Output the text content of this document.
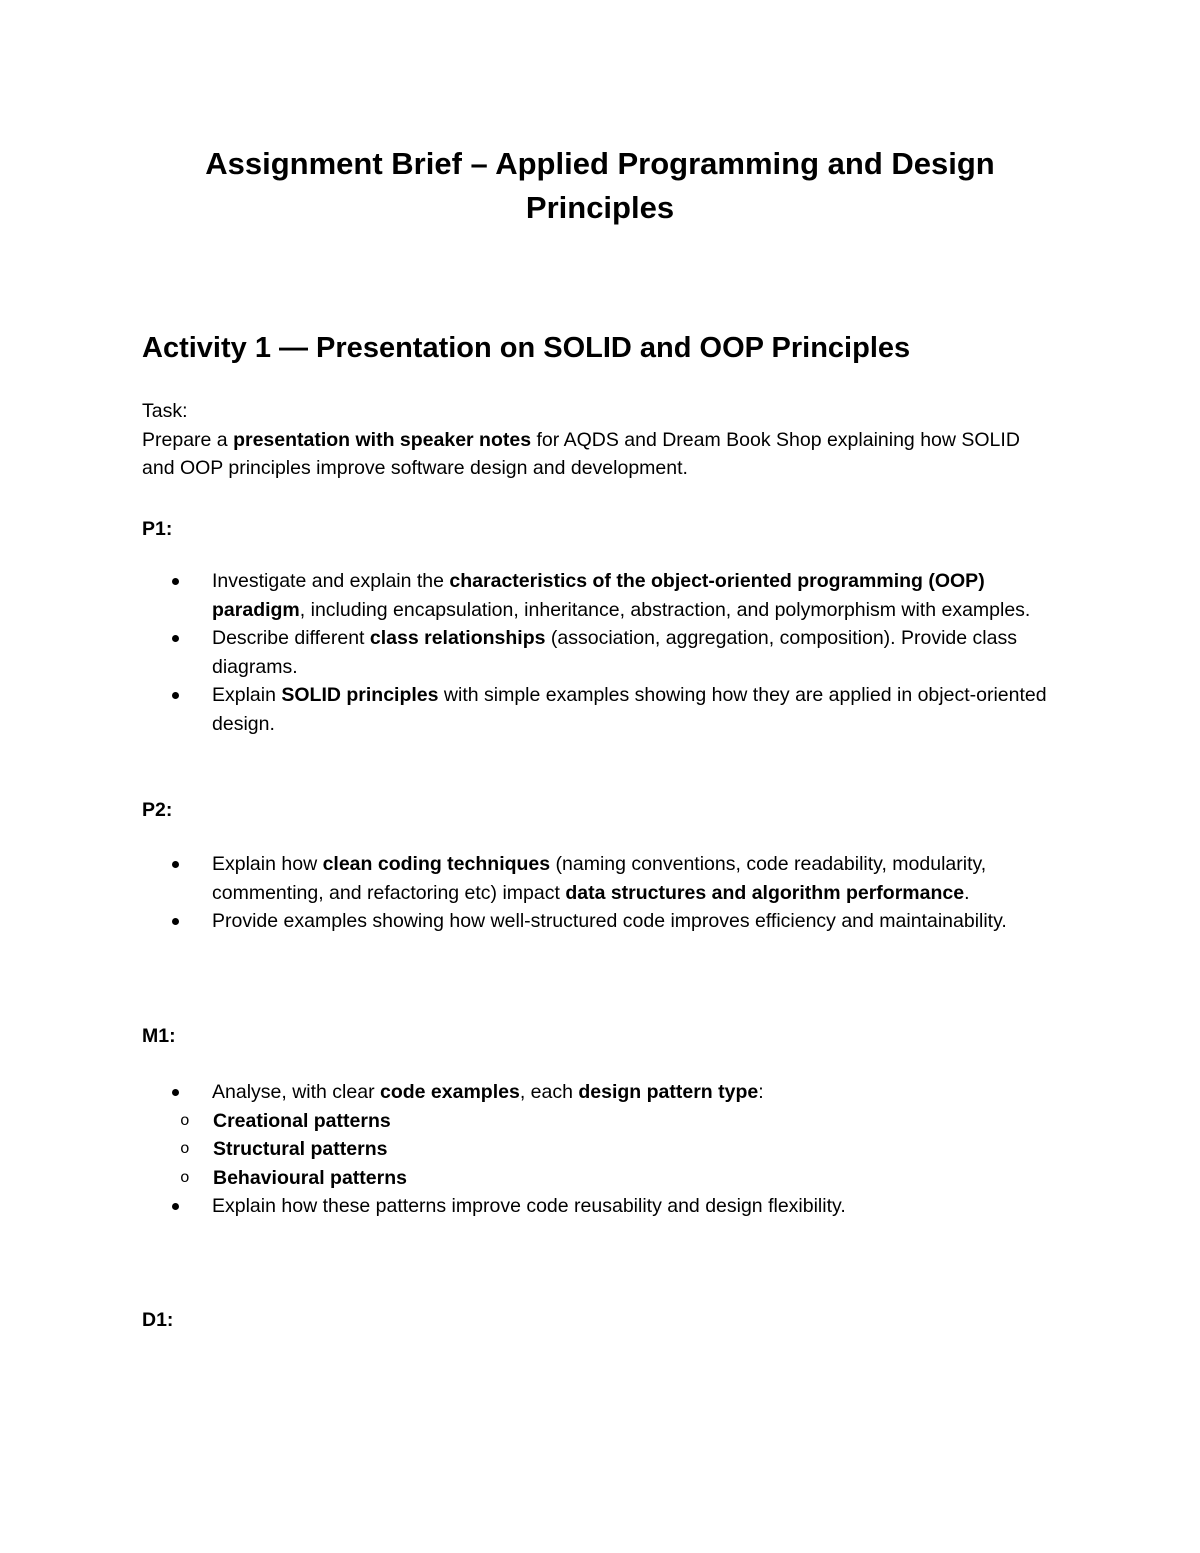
Assignment Brief – Applied Programming and Design Principles
Activity 1 — Presentation on SOLID and OOP Principles
Task:
Prepare a presentation with speaker notes for AQDS and Dream Book Shop explaining how SOLID and OOP principles improve software design and development.
P1:
Investigate and explain the characteristics of the object-oriented programming (OOP) paradigm, including encapsulation, inheritance, abstraction, and polymorphism with examples.
Describe different class relationships (association, aggregation, composition). Provide class diagrams.
Explain SOLID principles with simple examples showing how they are applied in object-oriented design.
P2:
Explain how clean coding techniques (naming conventions, code readability, modularity, commenting, and refactoring etc) impact data structures and algorithm performance.
Provide examples showing how well-structured code improves efficiency and maintainability.
M1:
Analyse, with clear code examples, each design pattern type:
o Creational patterns
o Structural patterns
o Behavioural patterns
Explain how these patterns improve code reusability and design flexibility.
D1:
